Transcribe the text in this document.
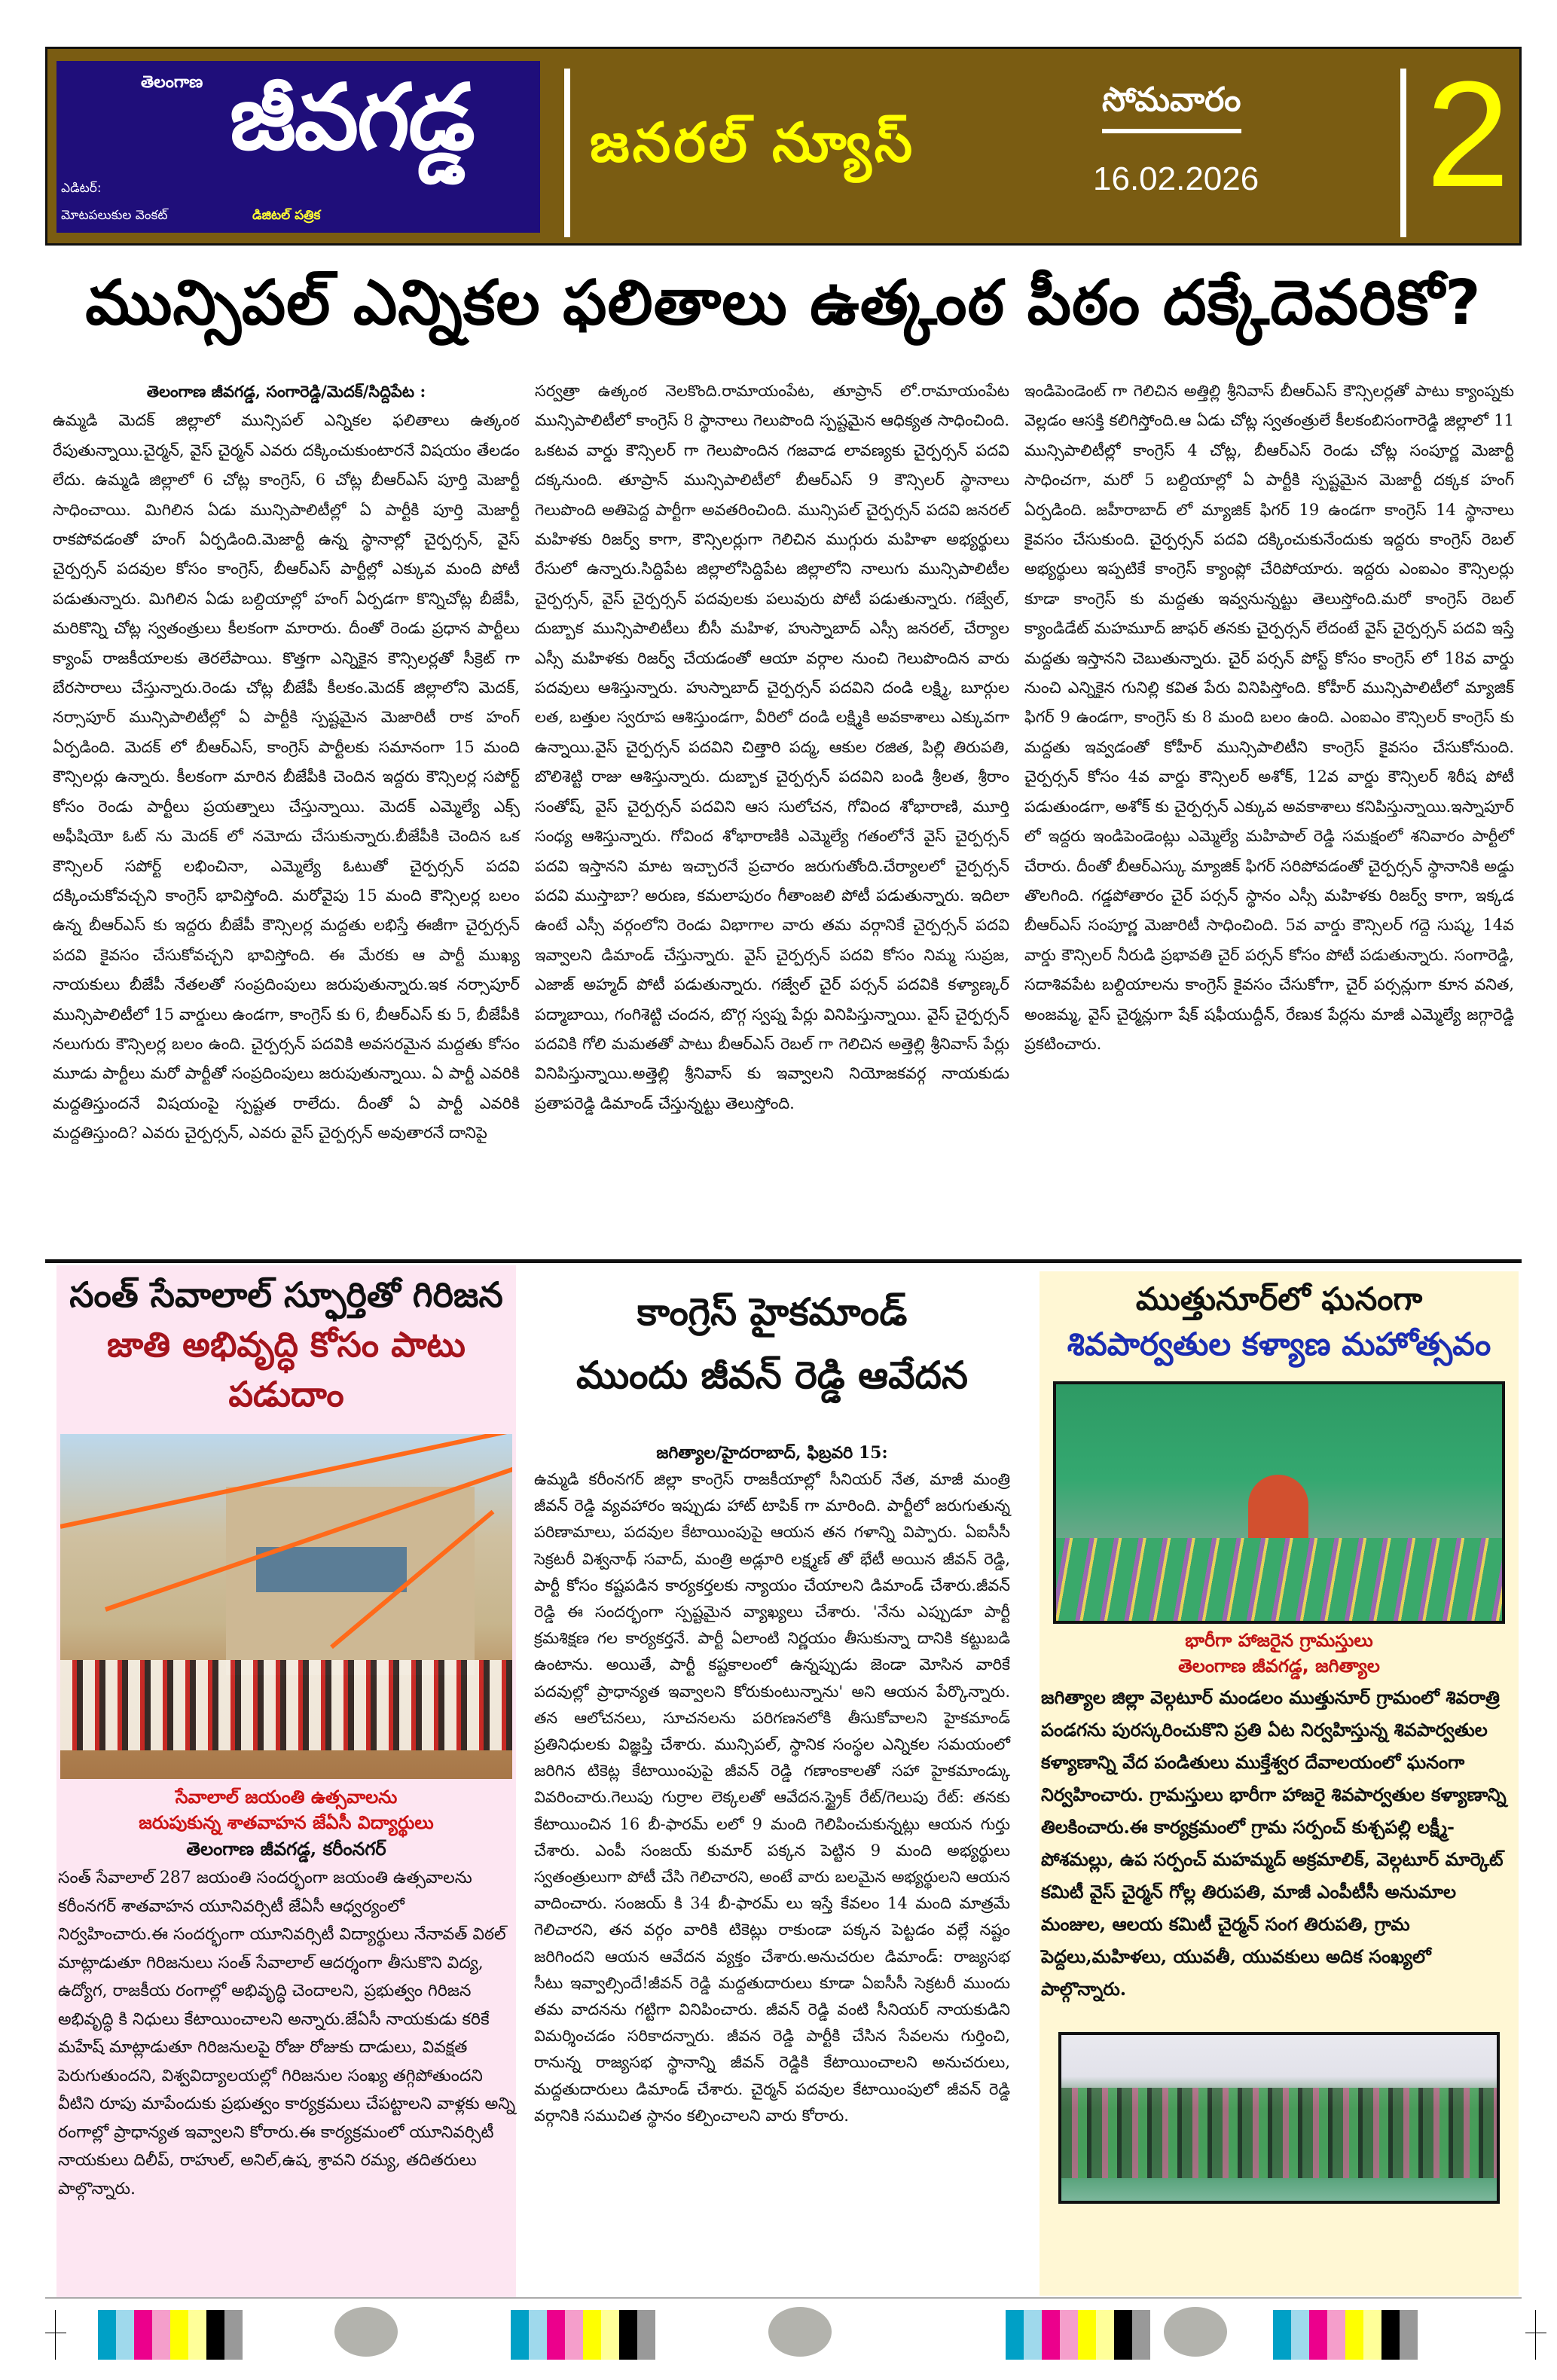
తెలంగాణ జీవగడ్డ
ఎడిటర్:
మోటపలుకుల వెంకట్	డిజిటల్ పత్రిక
జనరల్ న్యూస్
సోమవారం
16.02.2026 2
మున్సిపల్ ఎన్నికల ఫలితాలు ఉత్కంఠ పీఠం దక్కేదెవరికో?
తెలంగాణ జీవగడ్డ, సంగారెడ్డి/మెదక్/సిద్దిపేట :
ఉమ్మడి మెదక్ జిల్లాలో మున్సిపల్ ఎన్నికల ఫలితాలు ఉత్కంఠ రేపుతున్నాయి.చైర్మన్, వైస్ చైర్మన్ ఎవరు దక్కించుకుంటారనే విషయం తేలడం లేదు. ఉమ్మడి జిల్లాలో 6 చోట్ల కాంగ్రెస్, 6 చోట్ల బీఆర్ఎస్ పూర్తి మెజార్టీ సాధించాయి. మిగిలిన ఏడు మున్సిపాలిటీల్లో ఏ పార్టీకి పూర్తి మెజార్టీ రాకపోవడంతో హంగ్ ఏర్పడింది.మెజార్టీ ఉన్న స్థానాల్లో చైర్పర్సన్, వైస్ చైర్పర్సన్ పదవుల కోసం కాంగ్రెస్, బీఆర్ఎస్ పార్టీల్లో ఎక్కువ మంది పోటీ పడుతున్నారు. మిగిలిన ఏడు బల్దియాల్లో హంగ్ ఏర్పడగా కొన్నిచోట్ల బీజేపీ, మరికొన్ని చోట్ల స్వతంత్రులు కీలకంగా మారారు. దీంతో రెండు ప్రధాన పార్టీలు క్యాంప్ రాజకీయాలకు తెరలేపాయి. కొత్తగా ఎన్నికైన కౌన్సిలర్లతో సీక్రెట్ గా బేరసారాలు చేస్తున్నారు.రెండు చోట్ల బీజేపీ కీలకం.మెదక్ జిల్లాలోని మెదక్, నర్సాపూర్ మున్సిపాలిటీల్లో ఏ పార్టీకి స్పష్టమైన మెజారిటీ రాక హంగ్ ఏర్పడింది. మెదక్ లో బీఆర్ఎస్, కాంగ్రెస్ పార్టీలకు సమానంగా 15 మంది కౌన్సిలర్లు ఉన్నారు. కీలకంగా మారిన బీజేపీకి చెందిన ఇద్దరు కౌన్సిలర్ల సపోర్ట్ కోసం రెండు పార్టీలు ప్రయత్నాలు చేస్తున్నాయి. మెదక్ ఎమ్మెల్యే ఎక్స్ అఫీషియో ఓట్ ను మెదక్ లో నమోదు చేసుకున్నారు.బీజేపీకి చెందిన ఒక కౌన్సిలర్ సపోర్ట్ లభించినా, ఎమ్మెల్యే ఓటుతో చైర్పర్సన్ పదవి దక్కించుకోవచ్చని కాంగ్రెస్ భావిస్తోంది. మరోవైపు 15 మంది కౌన్సిలర్ల బలం ఉన్న బీఆర్ఎస్ కు ఇద్దరు బీజేపీ కౌన్సిలర్ల మద్దతు లభిస్తే ఈజీగా చైర్పర్సన్ పదవి కైవసం చేసుకోవచ్చని భావిస్తోంది. ఈ మేరకు ఆ పార్టీ ముఖ్య నాయకులు బీజేపీ నేతలతో సంప్రదింపులు జరుపుతున్నారు.ఇక నర్సాపూర్ మున్సిపాలిటీలో 15 వార్డులు ఉండగా, కాంగ్రెస్ కు 6, బీఆర్ఎస్ కు 5, బీజేపీకి నలుగురు కౌన్సిలర్ల బలం ఉంది. చైర్పర్సన్ పదవికి అవసరమైన మద్దతు కోసం మూడు పార్టీలు మరో పార్టీతో సంప్రదింపులు జరుపుతున్నాయి. ఏ పార్టీ ఎవరికి మద్దతిస్తుందనే విషయంపై స్పష్టత రాలేదు. దీంతో ఏ పార్టీ ఎవరికి మద్దతిస్తుంది? ఎవరు చైర్పర్సన్, ఎవరు వైస్ చైర్పర్సన్ అవుతారనే దానిపై
సర్వత్రా ఉత్కంఠ నెలకొంది.రామాయంపేట, తూప్రాన్ లో.రామాయంపేట మున్సిపాలిటీలో కాంగ్రెస్ 8 స్థానాలు గెలుపొంది స్పష్టమైన ఆధిక్యత సాధించింది. ఒకటవ వార్డు కౌన్సిలర్ గా గెలుపొందిన గజవాడ లావణ్యకు చైర్పర్సన్ పదవి దక్కనుంది. తూప్రాన్ మున్సిపాలిటీలో బీఆర్ఎస్ 9 కౌన్సిలర్ స్థానాలు గెలుపొంది అతిపెద్ద పార్టీగా అవతరించింది. మున్సిపల్ చైర్పర్సన్ పదవి జనరల్ మహిళకు రిజర్వ్ కాగా, కౌన్సిలర్లుగా గెలిచిన ముగ్గురు మహిళా అభ్యర్థులు రేసులో ఉన్నారు.సిద్దిపేట జిల్లాలోసిద్దిపేట జిల్లాలోని నాలుగు మున్సిపాలిటీల చైర్పర్సన్, వైస్ చైర్పర్సన్ పదవులకు పలువురు పోటీ పడుతున్నారు. గజ్వేల్, దుబ్బాక మున్సిపాలిటీలు బీసీ మహిళ, హుస్నాబాద్ ఎస్సీ జనరల్, చేర్యాల ఎస్సీ మహిళకు రిజర్వ్ చేయడంతో ఆయా వర్గాల నుంచి గెలుపొందిన వారు పదవులు ఆశిస్తున్నారు. హుస్నాబాద్ చైర్పర్సన్ పదవిని దండి లక్ష్మి, బూర్గుల లత, బత్తుల స్వరూప ఆశిస్తుండగా, వీరిలో దండి లక్ష్మికి అవకాశాలు ఎక్కువగా ఉన్నాయి.వైస్ చైర్పర్సన్ పదవిని చిత్తారి పద్మ, ఆకుల రజిత, పిల్లి తిరుపతి, బొలిశెట్టి రాజు ఆశిస్తున్నారు. దుబ్బాక చైర్పర్సన్ పదవిని బండి శ్రీలత, శ్రీరాం సంతోష్, వైస్ చైర్పర్సన్ పదవిని ఆస సులోచన, గోవింద శోభారాణి, మూర్తి సంధ్య ఆశిస్తున్నారు. గోవింద శోభారాణికి ఎమ్మెల్యే గతంలోనే వైస్ చైర్పర్సన్ పదవి ఇస్తానని మాట ఇచ్చారనే ప్రచారం జరుగుతోంది.చేర్యాలలో చైర్పర్సన్ పదవి ముస్తాబా? అరుణ, కమలాపురం గీతాంజలి పోటీ పడుతున్నారు. ఇదిలా ఉంటే ఎస్సీ వర్గంలోని రెండు విభాగాల వారు తమ వర్గానికే చైర్పర్సన్ పదవి ఇవ్వాలని డిమాండ్ చేస్తున్నారు. వైస్ చైర్పర్సన్ పదవి కోసం నిమ్మ సుప్రజ, ఎజాజ్ అహ్మద్ పోటీ పడుతున్నారు. గజ్వేల్ చైర్ పర్సన్ పదవికి కళ్యాణ్కర్ పద్మాబాయి, గంగిశెట్టి చందన, బొగ్గ స్వప్న పేర్లు వినిపిస్తున్నాయి. వైస్ చైర్పర్సన్ పదవికి గోలి మమతతో పాటు బీఆర్ఎస్ రెబల్ గా గెలిచిన అత్తెల్లి శ్రీనివాస్ పేర్లు వినిపిస్తున్నాయి.అత్తెల్లి శ్రీనివాస్ కు ఇవ్వాలని నియోజకవర్గ నాయకుడు ప్రతాపరెడ్డి డిమాండ్ చేస్తున్నట్టు తెలుస్తోంది.
ఇండిపెండెంట్ గా గెలిచిన అత్తిల్లి శ్రీనివాస్ బీఆర్ఎస్ కౌన్సిలర్లతో పాటు క్యాంప్నకు వెల్లడం ఆసక్తి కలిగిస్తోంది.ఆ ఏడు చోట్ల స్వతంత్రులే కీలకంబిసంగారెడ్డి జిల్లాలో 11 మున్సిపాలిటీల్లో కాంగ్రెస్ 4 చోట్ల, బీఆర్ఎస్ రెండు చోట్ల సంపూర్ణ మెజార్టీ సాధించగా, మరో 5 బల్దియాల్లో ఏ పార్టీకి స్పష్టమైన మెజార్టీ దక్కక హంగ్ ఏర్పడింది. జహీరాబాద్ లో మ్యాజిక్ ఫిగర్ 19 ఉండగా కాంగ్రెస్ 14 స్థానాలు కైవసం చేసుకుంది. చైర్పర్సన్ పదవి దక్కించుకునేందుకు ఇద్దరు కాంగ్రెస్ రెబల్ అభ్యర్థులు ఇప్పటికే కాంగ్రెస్ క్యాంప్లో చేరిపోయారు. ఇద్దరు ఎంఐఎం కౌన్సిలర్లు కూడా కాంగ్రెస్ కు మద్దతు ఇవ్వనున్నట్టు తెలుస్తోంది.మరో కాంగ్రెస్ రెబల్ క్యాండిడేట్ మహమూద్ జాఫర్ తనకు చైర్పర్సన్ లేదంటే వైస్ చైర్పర్సన్ పదవి ఇస్తే మద్దతు ఇస్తానని చెబుతున్నారు. చైర్ పర్సన్ పోస్ట్ కోసం కాంగ్రెస్ లో 18వ వార్డు నుంచి ఎన్నికైన గునిల్లి కవిత పేరు వినిపిస్తోంది. కోహీర్ మున్సిపాలిటీలో మ్యాజిక్ ఫిగర్ 9 ఉండగా, కాంగ్రెస్ కు 8 మంది బలం ఉంది. ఎంఐఎం కౌన్సిలర్ కాంగ్రెస్ కు మద్దతు ఇవ్వడంతో కోహీర్ మున్సిపాలిటీని కాంగ్రెస్ కైవసం చేసుకోనుంది. చైర్పర్సన్ కోసం 4వ వార్డు కౌన్సిలర్ అశోక్, 12వ వార్డు కౌన్సిలర్ శిరీష పోటీ పడుతుండగా, అశోక్ కు చైర్పర్సన్ ఎక్కువ అవకాశాలు కనిపిస్తున్నాయి.ఇస్నాపూర్ లో ఇద్దరు ఇండిపెండెంట్లు ఎమ్మెల్యే మహిపాల్ రెడ్డి సమక్షంలో శనివారం పార్టీలో చేరారు. దీంతో బీఆర్ఎస్కు మ్యాజిక్ ఫిగర్ సరిపోవడంతో చైర్పర్సన్ స్థానానికి అడ్డు తొలగింది. గడ్డపోతారం చైర్ పర్సన్ స్థానం ఎస్సీ మహిళకు రిజర్వ్ కాగా, ఇక్కడ బీఆర్ఎస్ సంపూర్ణ మెజారిటీ సాధించింది. 5వ వార్డు కౌన్సిలర్ గద్దె సుష్మ, 14వ వార్డు కౌన్సిలర్ నీరుడి ప్రభావతి చైర్ పర్సన్ కోసం పోటీ పడుతున్నారు. సంగారెడ్డి, సదాశివపేట బల్దియాలను కాంగ్రెస్ కైవసం చేసుకోగా, చైర్ పర్సన్లుగా కూన వనిత, అంజమ్మ, వైస్ చైర్మన్లుగా షేక్ షఫీయుద్దీన్, రేణుక పేర్లను మాజీ ఎమ్మెల్యే జగ్గారెడ్డి ప్రకటించారు.
సంత్ సేవాలాల్ స్ఫూర్తితో గిరిజన
జాతి అభివృద్ధి కోసం పాటు పడుదాం
సేవాలాల్ జయంతి ఉత్సవాలను
జరుపుకున్న శాతవాహన జేఏసీ విద్యార్థులు
తెలంగాణ జీవగడ్డ, కరీంనగర్
సంత్ సేవాలాల్ 287 జయంతి సందర్భంగా జయంతి ఉత్సవాలను కరీంనగర్ శాతవాహన యూనివర్సిటీ జేఏసీ ఆధ్వర్యంలో నిర్వహించారు.ఈ సందర్భంగా యూనివర్సిటీ విద్యార్థులు నేనావత్ విఠల్ మాట్లాడుతూ గిరిజనులు సంత్ సేవాలాల్ ఆదర్శంగా తీసుకొని విద్య, ఉద్యోగ, రాజకీయ రంగాల్లో అభివృద్ధి చెందాలని, ప్రభుత్వం గిరిజన అభివృద్ధి కి నిధులు కేటాయించాలని అన్నారు.జేఏసీ నాయకుడు కరికే మహేష్ మాట్లాడుతూ గిరిజనులపై రోజు రోజుకు దాడులు, వివక్షత పెరుగుతుందని, విశ్వవిద్యాలయల్లో గిరిజనుల సంఖ్య తగ్గిపోతుందని వీటిని రూపు మాపేందుకు ప్రభుత్వం కార్యక్రమలు చేపట్టాలని వాళ్లకు అన్ని రంగాల్లో ప్రాధాన్యత ఇవ్వాలని కోరారు.ఈ కార్యక్రమంలో యూనివర్సిటీ నాయకులు దిలీప్, రాహుల్, అనిల్,ఉష, శ్రావని రమ్య, తదితరులు పాల్గొన్నారు.
కాంగ్రెస్ హైకమాండ్
ముందు జీవన్ రెడ్డి ఆవేదన
జగిత్యాల/హైదరాబాద్, ఫిబ్రవరి 15:
ఉమ్మడి కరీంనగర్ జిల్లా కాంగ్రెస్ రాజకీయాల్లో సీనియర్ నేత, మాజీ మంత్రి జీవన్ రెడ్డి వ్యవహారం ఇప్పుడు హాట్ టాపిక్ గా మారింది. పార్టీలో జరుగుతున్న పరిణామాలు, పదవుల కేటాయింపుపై ఆయన తన గళాన్ని విప్పారు. ఏఐసీసీ సెక్రటరీ విశ్వనాథ్ సవాద్, మంత్రి అడ్లూరి లక్ష్మణ్ తో భేటీ అయిన జీవన్ రెడ్డి, పార్టీ కోసం కష్టపడిన కార్యకర్తలకు న్యాయం చేయాలని డిమాండ్ చేశారు.జీవన్ రెడ్డి ఈ సందర్భంగా స్పష్టమైన వ్యాఖ్యలు చేశారు. 'నేను ఎప్పుడూ పార్టీ క్రమశిక్షణ గల కార్యకర్తనే. పార్టీ ఏలాంటి నిర్ణయం తీసుకున్నా దానికి కట్టుబడి ఉంటాను. అయితే, పార్టీ కష్టకాలంలో ఉన్నప్పుడు జెండా మోసిన వారికే పదవుల్లో ప్రాధాన్యత ఇవ్వాలని కోరుకుంటున్నాను' అని ఆయన పేర్కొన్నారు. తన ఆలోచనలు, సూచనలను పరిగణనలోకి తీసుకోవాలని హైకమాండ్ ప్రతినిధులకు విజ్ఞప్తి చేశారు. మున్సిపల్, స్థానిక సంస్థల ఎన్నికల సమయంలో జరిగిన టికెట్ల కేటాయింపుపై జీవన్ రెడ్డి గణాంకాలతో సహా హైకమాండ్కు వివరించారు.గెలుపు గుర్రాల లెక్కలతో ఆవేదన.స్ట్రైక్ రేట్/గెలుపు రేట్: తనకు కేటాయించిన 16 బీ-ఫారమ్ లలో 9 మంది గెలిపించుకున్నట్లు ఆయన గుర్తు చేశారు. ఎంపీ సంజయ్ కుమార్ పక్కన పెట్టిన 9 మంది అభ్యర్థులు స్వతంత్రులుగా పోటీ చేసి గెలిచారని, అంటే వారు బలమైన అభ్యర్థులని ఆయన వాదించారు. సంజయ్ కి 34 బీ-ఫారమ్ లు ఇస్తే కేవలం 14 మంది మాత్రమే గెలిచారని, తన వర్గం వారికి టికెట్లు రాకుండా పక్కన పెట్టడం వల్లే నష్టం జరిగిందని ఆయన ఆవేదన వ్యక్తం చేశారు.అనుచరుల డిమాండ్: రాజ్యసభ సీటు ఇవ్వాల్సిందే!జీవన్ రెడ్డి మద్దతుదారులు కూడా ఏఐసీసీ సెక్రటరీ ముందు తమ వాదనను గట్టిగా వినిపించారు. జీవన్ రెడ్డి వంటి సీనియర్ నాయకుడిని విమర్శించడం సరికాదన్నారు. జీవన రెడ్డి పార్టీకి చేసిన సేవలను గుర్తించి, రానున్న రాజ్యసభ స్థానాన్ని జీవన్ రెడ్డికి కేటాయించాలని అనుచరులు, మద్దతుదారులు డిమాండ్ చేశారు. చైర్మన్ పదవుల కేటాయింపులో జీవన్ రెడ్డి వర్గానికి సముచిత స్థానం కల్పించాలని వారు కోరారు.
ముత్తునూర్‌లో ఘనంగా
శివపార్వతుల కళ్యాణ మహోత్సవం
భారీగా హాజరైన గ్రామస్తులు
తెలంగాణ జీవగడ్డ, జగిత్యాల
జగిత్యాల జిల్లా వెల్గటూర్ మండలం ముత్తునూర్ గ్రామంలో శివరాత్రి పండగను పురస్కరించుకొని ప్రతి ఏట నిర్వహిస్తున్న శివపార్వతుల కళ్యాణాన్ని వేద పండితులు ముక్తేశ్వర దేవాలయంలో ఘనంగా నిర్వహించారు. గ్రామస్తులు భారీగా హాజరై శివపార్వతుల కళ్యాణాన్ని తిలకించారు.ఈ కార్యక్రమంలో గ్రామ సర్పంచ్ కుశ్చపల్లి లక్ష్మీ-పోశమల్లు, ఉప సర్పంచ్ మహమ్మద్ అక్రమాలిక్, వెల్గటూర్ మార్కెట్ కమిటీ వైస్ చైర్మన్ గోల్ల తిరుపతి, మాజీ ఎంపీటీసీ అనుమాల మంజుల, ఆలయ కమిటీ చైర్మన్ సంగ తిరుపతి, గ్రామ పెద్దలు,మహిళలు, యువతీ, యువకులు అదిక సంఖ్యలో పాల్గొన్నారు.
